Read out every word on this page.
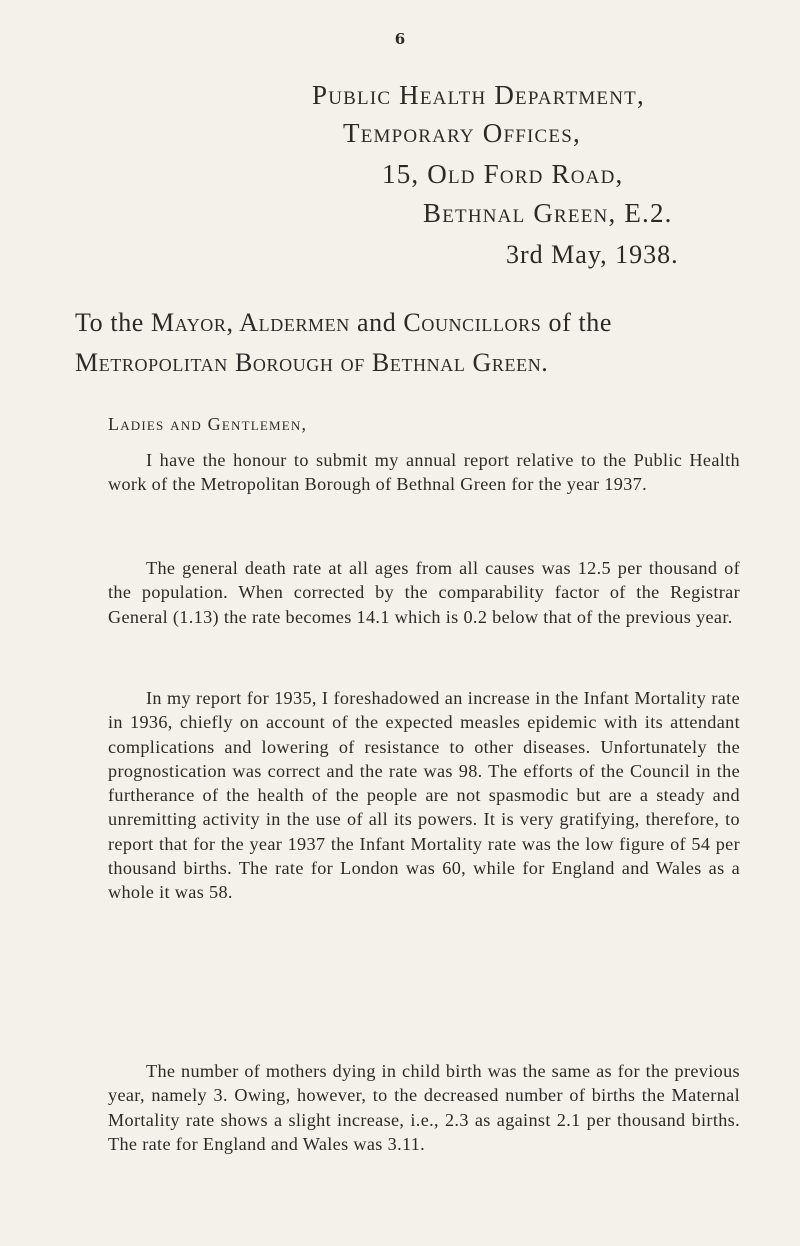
6
Public Health Department,
Temporary Offices,
15, Old Ford Road,
Bethnal Green, E.2.
3rd May, 1938.
To the Mayor, Aldermen and Councillors of the
Metropolitan Borough of Bethnal Green.
Ladies and Gentlemen,

I have the honour to submit my annual report relative to the Public Health work of the Metropolitan Borough of Bethnal Green for the year 1937.

The general death rate at all ages from all causes was 12.5 per thousand of the population. When corrected by the comparability factor of the Registrar General (1.13) the rate becomes 14.1 which is 0.2 below that of the previous year.

In my report for 1935, I foreshadowed an increase in the Infant Mortality rate in 1936, chiefly on account of the expected measles epidemic with its attendant complications and lowering of resistance to other diseases. Unfortunately the prognostication was correct and the rate was 98. The efforts of the Council in the furtherance of the health of the people are not spasmodic but are a steady and unremitting activity in the use of all its powers. It is very gratifying, therefore, to report that for the year 1937 the Infant Mortality rate was the low figure of 54 per thousand births. The rate for London was 60, while for England and Wales as a whole it was 58.

The number of mothers dying in child birth was the same as for the previous year, namely 3. Owing, however, to the decreased number of births the Maternal Mortality rate shows a slight increase, i.e., 2.3 as against 2.1 per thousand births. The rate for England and Wales was 3.11.
